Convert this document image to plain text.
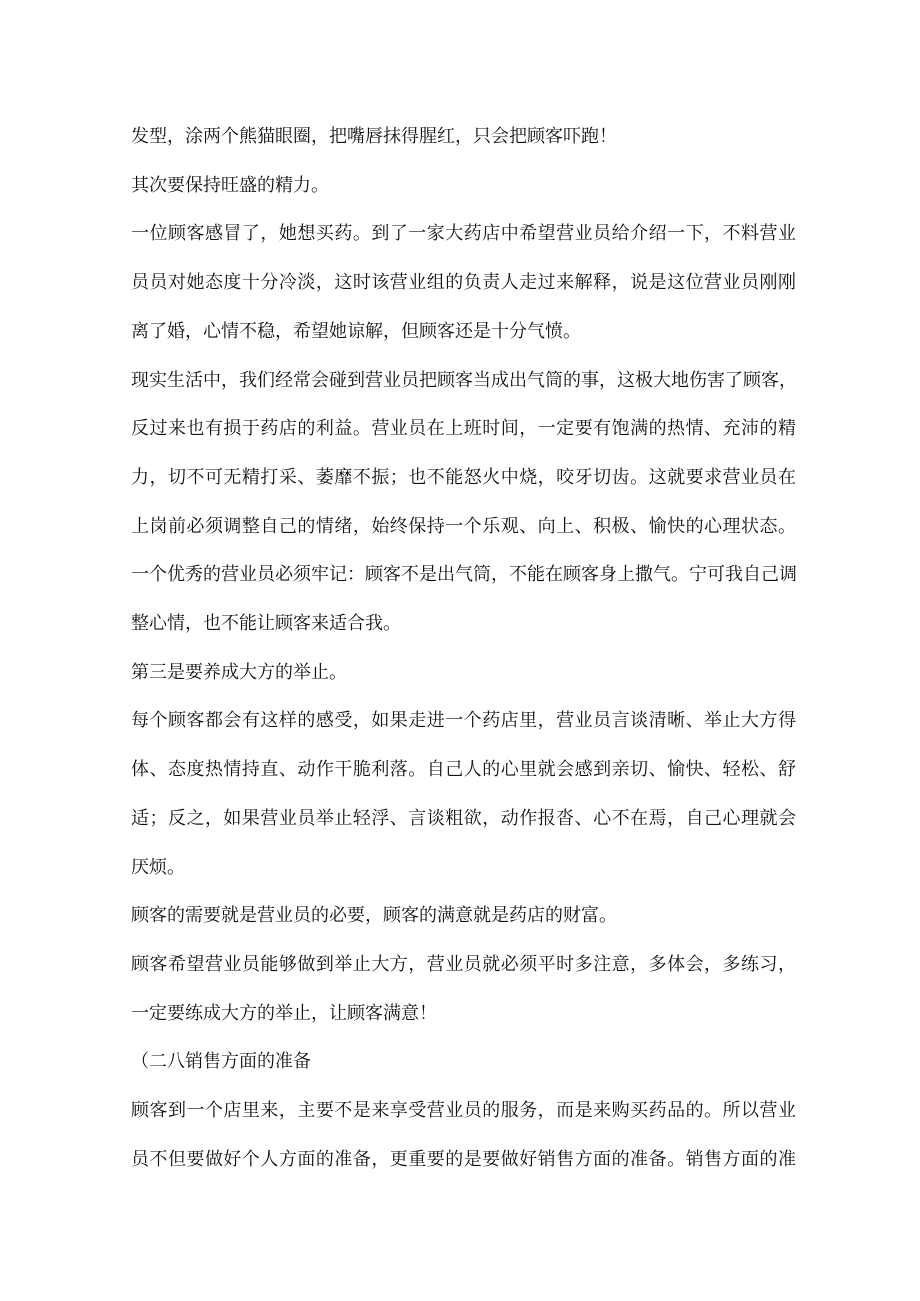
发型，涂两个熊猫眼圈，把嘴唇抹得腥红，只会把顾客吓跑！
其次要保持旺盛的精力。
一位顾客感冒了，她想买药。到了一家大药店中希望营业员给介绍一下，不料营业
员员对她态度十分冷淡，这时该营业组的负责人走过来解释，说是这位营业员刚刚
离了婚，心情不稳，希望她谅解，但顾客还是十分气愤。
现实生活中，我们经常会碰到营业员把顾客当成出气筒的事，这极大地伤害了顾客，
反过来也有损于药店的利益。营业员在上班时间，一定要有饱满的热情、充沛的精
力，切不可无精打采、萎靡不振；也不能怒火中烧，咬牙切齿。这就要求营业员在
上岗前必须调整自己的情绪，始终保持一个乐观、向上、积极、愉快的心理状态。
一个优秀的营业员必须牢记：顾客不是出气筒，不能在顾客身上撒气。宁可我自己调
整心情，也不能让顾客来适合我。
第三是要养成大方的举止。
每个顾客都会有这样的感受，如果走进一个药店里，营业员言谈清晰、举止大方得
体、态度热情持直、动作干脆利落。自己人的心里就会感到亲切、愉快、轻松、舒
适；反之，如果营业员举止轻浮、言谈粗欲，动作报沓、心不在焉，自己心理就会
厌烦。
顾客的需要就是营业员的必要，顾客的满意就是药店的财富。
顾客希望营业员能够做到举止大方，营业员就必须平时多注意，多体会，多练习，
一定要练成大方的举止，让顾客满意！
（二八销售方面的准备
顾客到一个店里来，主要不是来享受营业员的服务，而是来购买药品的。所以营业
员不但要做好个人方面的准备，更重要的是要做好销售方面的准备。销售方面的准
